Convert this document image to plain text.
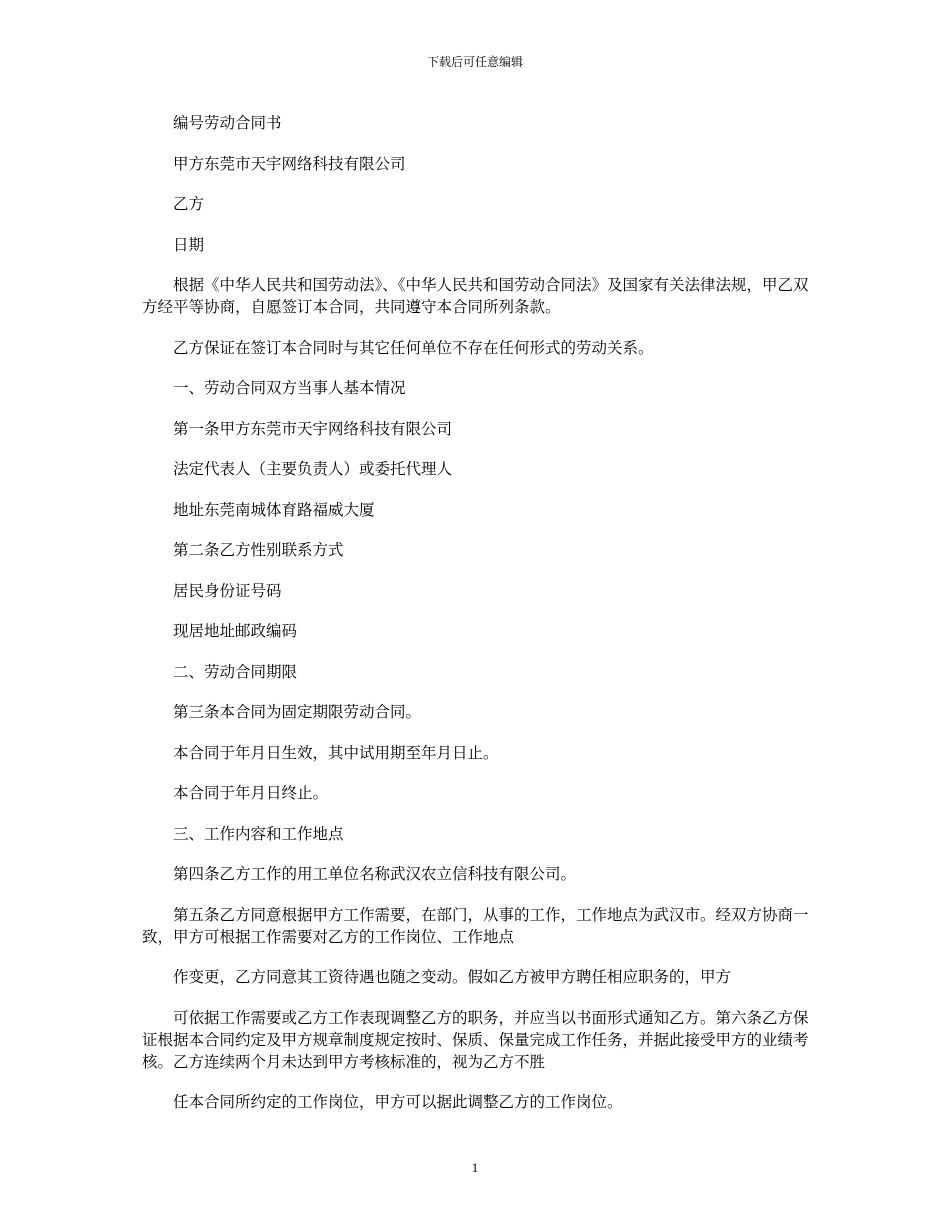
下载后可任意编辑

编号劳动合同书

甲方东莞市天宇网络科技有限公司

乙方

日期

根据《中华人民共和国劳动法》、《中华人民共和国劳动合同法》及国家有关法律法规，甲乙双方经平等协商，自愿签订本合同，共同遵守本合同所列条款。

乙方保证在签订本合同时与其它任何单位不存在任何形式的劳动关系。

一、劳动合同双方当事人基本情况

第一条甲方东莞市天宇网络科技有限公司

法定代表人（主要负责人）或委托代理人

地址东莞南城体育路福威大厦

第二条乙方性别联系方式

居民身份证号码

现居地址邮政编码

二、劳动合同期限

第三条本合同为固定期限劳动合同。

本合同于年月日生效，其中试用期至年月日止。

本合同于年月日终止。

三、工作内容和工作地点

第四条乙方工作的用工单位名称武汉农立信科技有限公司。

第五条乙方同意根据甲方工作需要，在部门，从事的工作，工作地点为武汉市。经双方协商一致，甲方可根据工作需要对乙方的工作岗位、工作地点

作变更，乙方同意其工资待遇也随之变动。假如乙方被甲方聘任相应职务的，甲方

可依据工作需要或乙方工作表现调整乙方的职务，并应当以书面形式通知乙方。第六条乙方保证根据本合同约定及甲方规章制度规定按时、保质、保量完成工作任务，并据此接受甲方的业绩考核。乙方连续两个月未达到甲方考核标准的，视为乙方不胜

任本合同所约定的工作岗位，甲方可以据此调整乙方的工作岗位。

1
